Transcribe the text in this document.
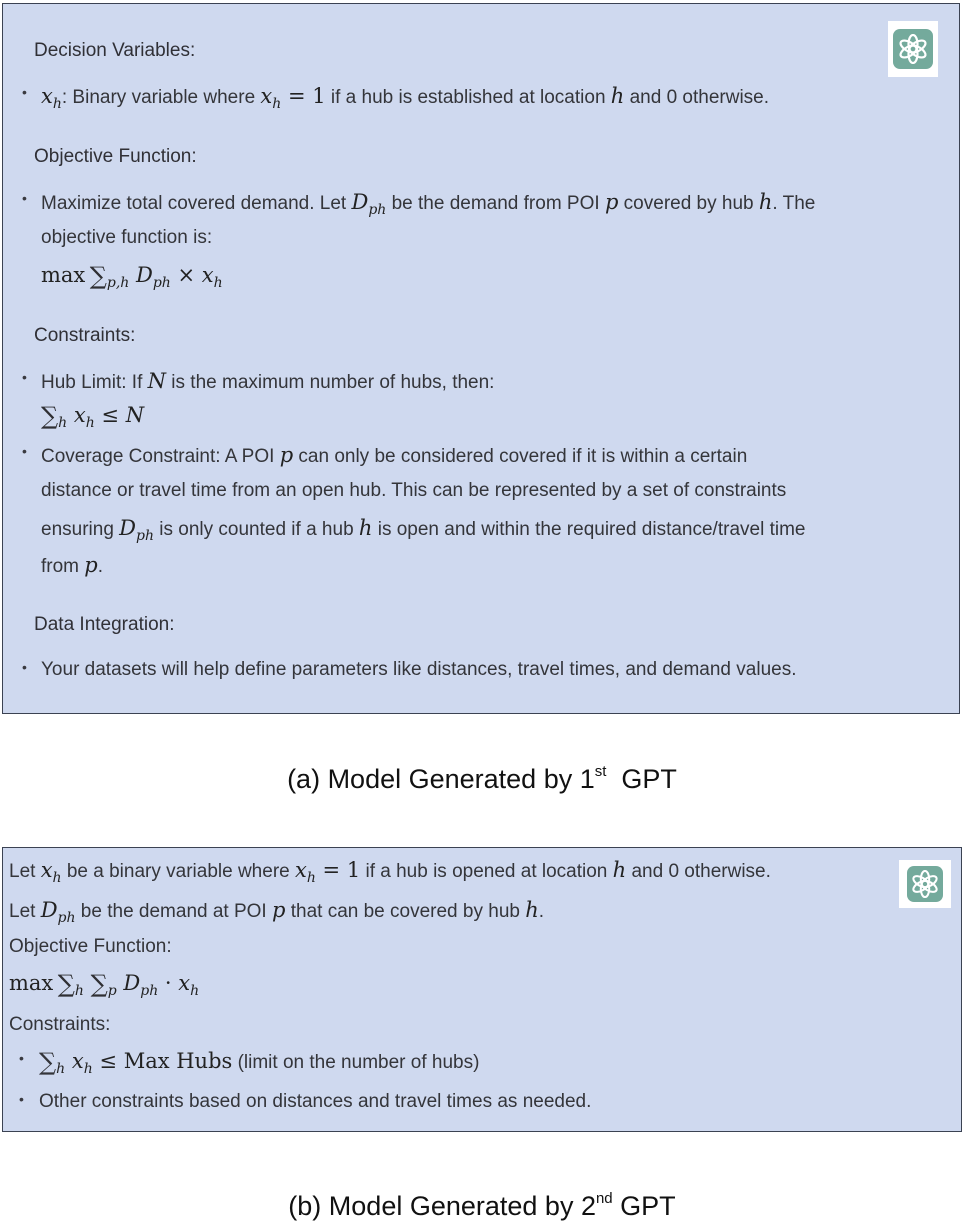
Decision Variables:
• $x_h$: Binary variable where $x_h = 1$ if a hub is established at location h and 0 otherwise.
Objective Function:
• Maximize total covered demand. Let $D_{ph}$ be the demand from POI p covered by hub h. The
objective function is:
$\max \sum_{p,h}$ $D_{ph} \times x_h$
Constraints:
• Hub Limit: If N is the maximum number of hubs, then:
$\sum_h$ $x_h \le N$
• Coverage Constraint: A POI p can only be considered covered if it is within a certain
distance or travel time from an open hub. This can be represented by a set of constraints
ensuring $D_{ph}$ is only counted if a hub h is open and within the required distance/travel time
from p.
Data Integration:
• Your datasets will help define parameters like distances, travel times, and demand values.
(a) Model Generated by 1st GPT
Let $x_h$ be a binary variable where $x_h = 1$ if a hub is opened at location h and 0 otherwise.
Let $D_{ph}$ be the demand at POI p that can be covered by hub h.
Objective Function:
$\max \sum_h$ $\sum_p$ $D_{ph} \cdot x_h$
Constraints:
• $\sum_h$ $x_h$ ≤ Max Hubs (limit on the number of hubs)
• Other constraints based on distances and travel times as needed.
(b) Model Generated by 2nd GPT
